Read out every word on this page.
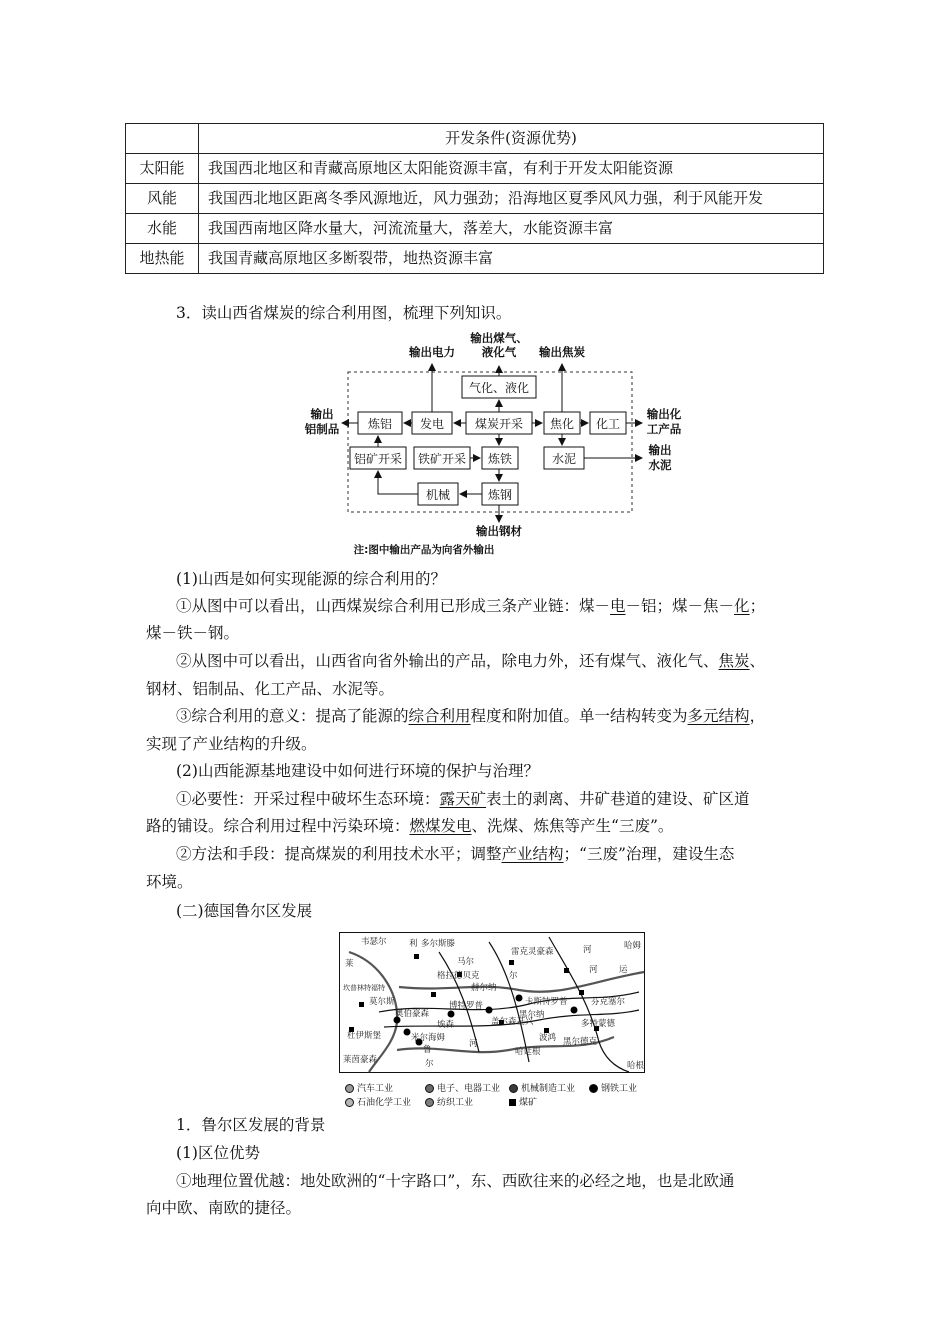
	开发条件(资源优势)
太阳能	我国西北地区和青藏高原地区太阳能资源丰富，有利于开发太阳能资源
风能	我国西北地区距离冬季风源地近，风力强劲；沿海地区夏季风风力强，利于风能开发
水能	我国西南地区降水量大，河流流量大，落差大，水能资源丰富
地热能	我国青藏高原地区多断裂带，地热资源丰富

3．读山西省煤炭的综合利用图，梳理下列知识。

气化、液化
炼铝 发电	煤炭开采 焦化 化工
铝矿开采 铁矿开采 炼铁	水泥
机械	炼钢
输出电力
输出煤气、
液化气 输出焦炭
输出
铝制品
输出化
工产品
输出
水泥
输出钢材
注:图中输出产品为向省外输出

(1)山西是如何实现能源的综合利用的？

①从图中可以看出，山西煤炭综合利用已形成三条产业链：煤－电－铝；煤－焦－化；

煤－铁－钢。

②从图中可以看出，山西省向省外输出的产品，除电力外，还有煤气、液化气、焦炭、

钢材、铝制品、化工产品、水泥等。

③综合利用的意义：提高了能源的综合利用程度和附加值。单一结构转变为多元结构，

实现了产业结构的升级。

(2)山西能源基地建设中如何进行环境的保护与治理？

①必要性：开采过程中破坏生态环境：露天矿表土的剥离、井矿巷道的建设、矿区道

路的铺设。综合利用过程中污染环境：燃煤发电、洗煤、炼焦等产生“三废”。

②方法和手段：提高煤炭的利用技术水平；调整产业结构；“三废”治理，建设生态

环境。

(二)德国鲁尔区发展

韦瑟尔	利 多尔斯滕
马尔
雷克灵豪森	河	哈姆
莱
格拉德贝克	尔
运
河
坎普林特福特	赫尔纳
卡斯特罗普	芬克塞尔
莫尔斯
奥伯豪森
博特罗普
盖尔森基兴
黑尔纳
多特蒙德
杜伊斯堡
埃森
波鸿
米尔海姆
河
哈廷根
莱茵豪森
鲁
尔	哈根
黑尔德克
汽车工业	电子、电器工业	机械制造工业	钢铁工业
石油化学工业	纺织工业	煤矿

1．鲁尔区发展的背景

(1)区位优势

①地理位置优越：地处欧洲的“十字路口”，东、西欧往来的必经之地，也是北欧通

向中欧、南欧的捷径。
